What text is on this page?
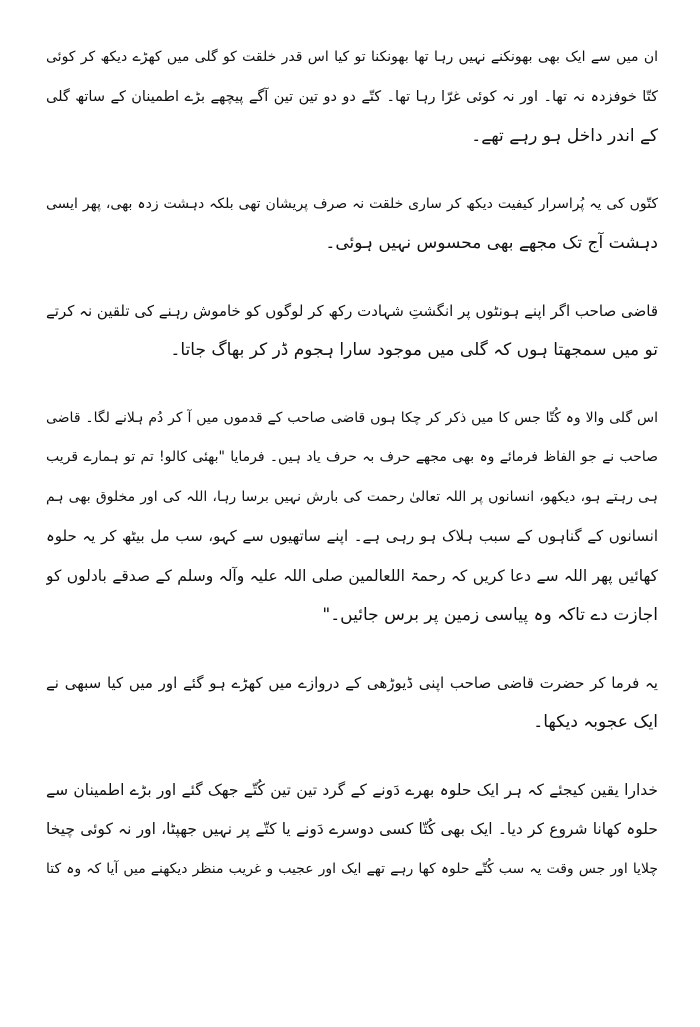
ان میں سے ایک بھی بھونکنے نہیں رہا تھا بھونکنا تو کیا اس قدر خلقت کو گلی میں کھڑے دیکھ کر کوئی
کتّا خوفزدہ نہ تھا۔ اور نہ کوئی غرّا رہا تھا۔ کتّے دو دو تین تین آگے پیچھے بڑے اطمینان کے ساتھ گلی
کے اندر داخل ہو رہے تھے۔
کتّوں کی یہ پُراسرار کیفیت دیکھ کر ساری خلقت نہ صرف پریشان تھی بلکہ دہشت زدہ بھی، پھر ایسی
دہشت آج تک مجھے بھی محسوس نہیں ہوئی۔
قاضی صاحب اگر اپنے ہونٹوں پر انگشتِ شہادت رکھ کر لوگوں کو خاموش رہنے کی تلقین نہ کرتے
تو میں سمجھتا ہوں کہ گلی میں موجود سارا ہجوم ڈر کر بھاگ جاتا۔
اس گلی والا وہ کُتّا جس کا میں ذکر کر چکا ہوں قاضی صاحب کے قدموں میں آ کر دُم ہلانے لگا۔ قاضی
صاحب نے جو الفاظ فرمائے وہ بھی مجھے حرف بہ حرف یاد ہیں۔ فرمایا "بھئی کالو! تم تو ہمارے قریب
ہی رہتے ہو، دیکھو، انسانوں پر اللہ تعالیٰ رحمت کی بارش نہیں برسا رہا، اللہ کی اور مخلوق بھی ہم
انسانوں کے گناہوں کے سبب ہلاک ہو رہی ہے۔ اپنے ساتھیوں سے کہو، سب مل بیٹھ کر یہ حلوہ
کھائیں پھر اللہ سے دعا کریں کہ رحمۃ اللعالمین صلی اللہ علیہ وآلہ وسلم کے صدقے بادلوں کو
اجازت دے تاکہ وہ پیاسی زمین پر برس جائیں۔"
یہ فرما کر حضرت قاضی صاحب اپنی ڈیوڑھی کے دروازے میں کھڑے ہو گئے اور میں کیا سبھی نے
ایک عجوبہ دیکھا۔
خدارا یقین کیجئے کہ ہر ایک حلوہ بھرے دَونے کے گرد تین تین کُتّے جھک گئے اور بڑے اطمینان سے
حلوہ کھانا شروع کر دیا۔ ایک بھی کُتّا کسی دوسرے دَونے یا کتّے پر نہیں جھپٹا، اور نہ کوئی چیخا
چلایا اور جس وقت یہ سب کُتّے حلوہ کھا رہے تھے ایک اور عجیب و غریب منظر دیکھنے میں آیا کہ وہ کتا
